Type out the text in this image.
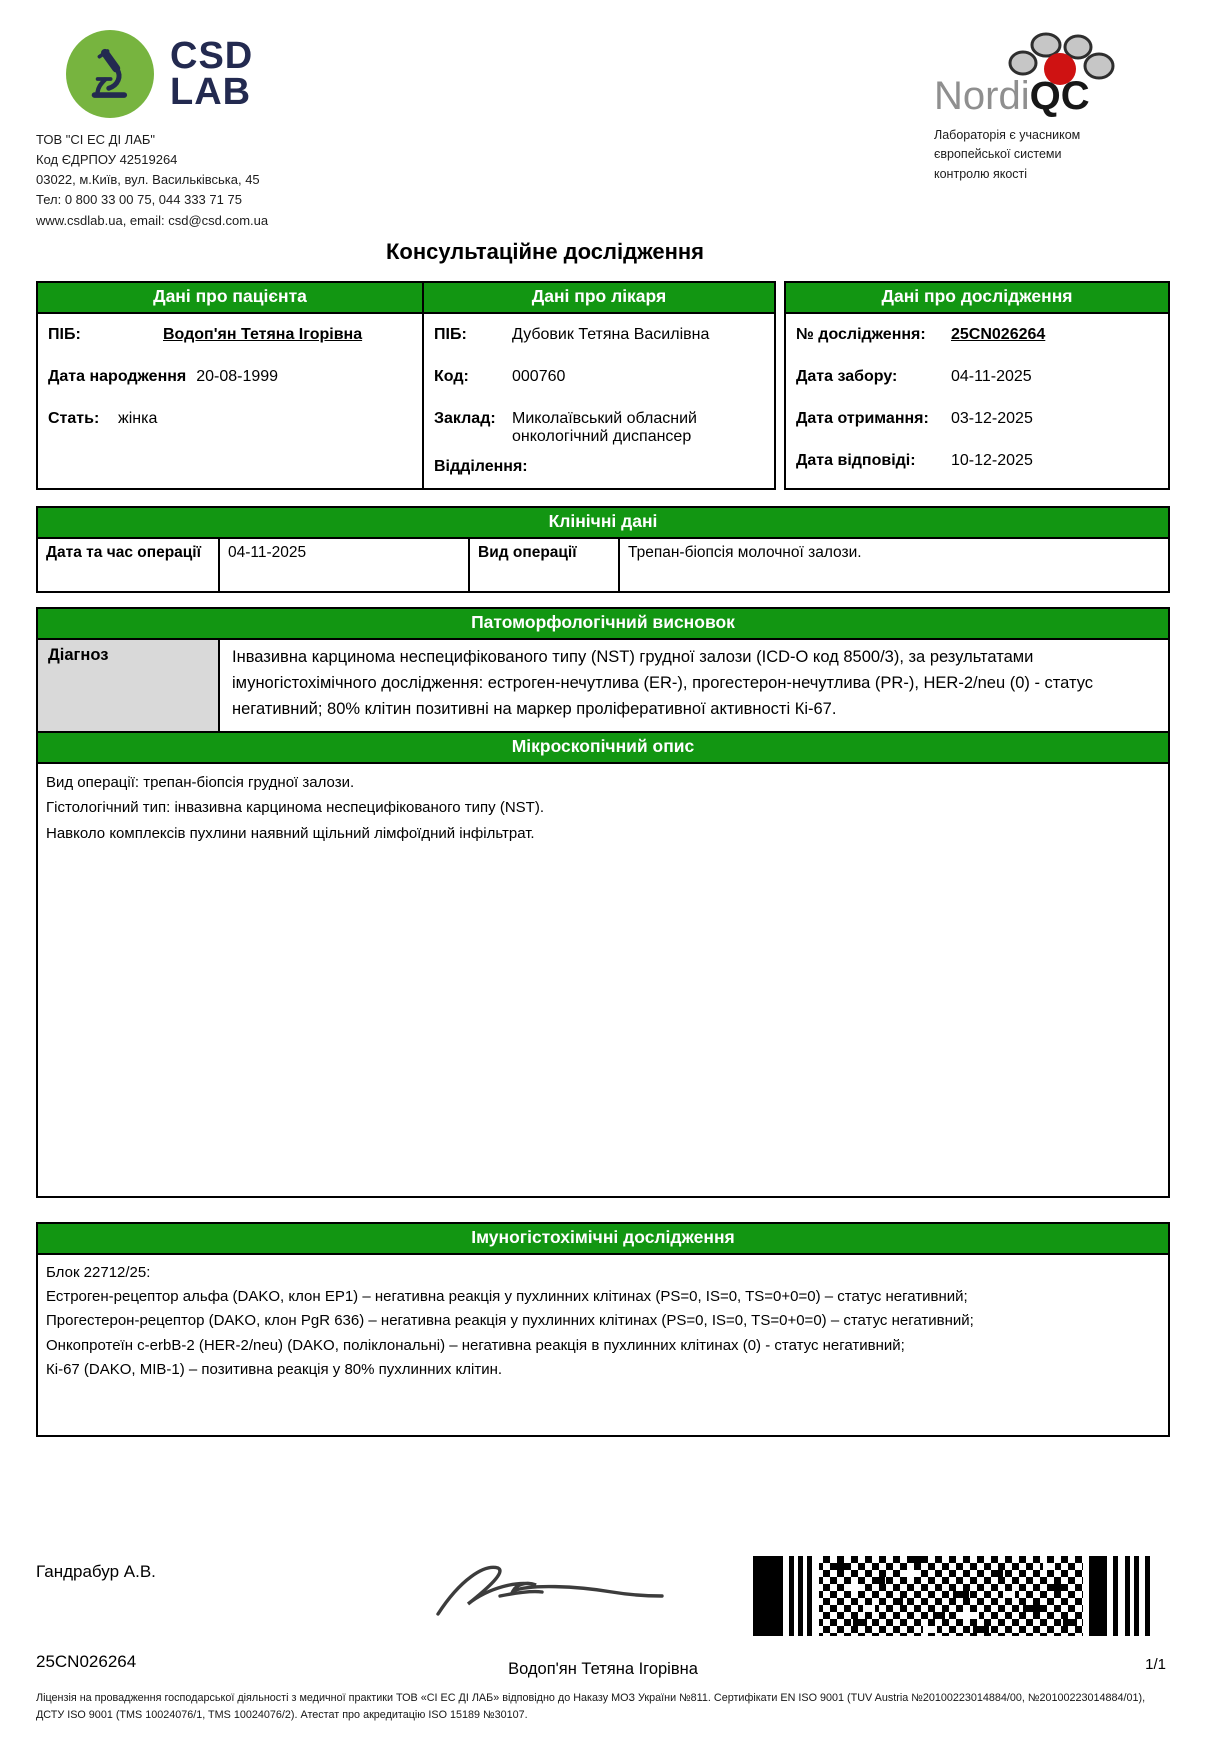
CSD
LAB
ТОВ "СІ ЕС ДІ ЛАБ"
Код ЄДРПОУ 42519264
03022, м.Київ, вул. Васильківська, 45
Тел: 0 800 33 00 75, 044 333 71 75
www.csdlab.ua, email: csd@csd.com.ua
NordiQC
Лабораторія є учасником
європейської системи
контролю якості
Консультаційне дослідження
Дані про пацієнта
ПІБ:	Водоп'ян Тетяна Ігорівна
Дата народження 20-08-1999
Стать:	жінка
Дані про лікаря
ПІБ:	Дубовик Тетяна Василівна
Код:	000760
Заклад:	Миколаївський обласний онкологічний диспансер
Відділення:
Дані про дослідження
№ дослідження:	25CN026264
Дата забору:	04-11-2025
Дата отримання:	03-12-2025
Дата відповіді:	10-12-2025
Клінічні дані
Дата та час операції	04-11-2025	Вид операції	Трепан-біопсія молочної залози.
Патоморфологічний висновок
Діагноз	Інвазивна карцинома неспецифікованого типу (NST) грудної залози (ICD-O код 8500/3), за результатами імуногістохімічного дослідження: естроген-нечутлива (ER-), прогестерон-нечутлива (PR-), HER-2/neu (0) - статус негативний; 80% клітин позитивні на маркер проліферативної активності Кі-67.
Мікроскопічний опис
Вид операції: трепан-біопсія грудної залози.
Гістологічний тип: інвазивна карцинома неспецифікованого типу (NST).
Навколо комплексів пухлини наявний щільний лімфоїдний інфільтрат.
Імуногістохімічні дослідження
Блок 22712/25:
Естроген-рецептор альфа (DAKO, клон EP1) – негативна реакція у пухлинних клітинах (PS=0, IS=0, TS=0+0=0) – статус негативний;
Прогестерон-рецептор (DAKO, клон PgR 636) – негативна реакція у пухлинних клітинах (PS=0, IS=0, TS=0+0=0) – статус негативний;
Онкопротеїн c-erbB-2 (HER-2/neu) (DAKO, поліклональні) – негативна реакція в пухлинних клітинах (0) - статус негативний;
Кі-67 (DAKO, MIB-1) – позитивна реакція у 80% пухлинних клітин.
Гандрабур А.В.
25CN026264	Водоп'ян Тетяна Ігорівна	1/1
Ліцензія на провадження господарської діяльності з медичної практики ТОВ «СІ ЕС ДІ ЛАБ» відповідно до Наказу МОЗ України №811. Сертифікати EN ISO 9001 (TUV Austria №20100223014884/00, №20100223014884/01), ДСТУ ISO 9001 (TMS 10024076/1, TMS 10024076/2). Атестат про акредитацію ISO 15189 №30107.
